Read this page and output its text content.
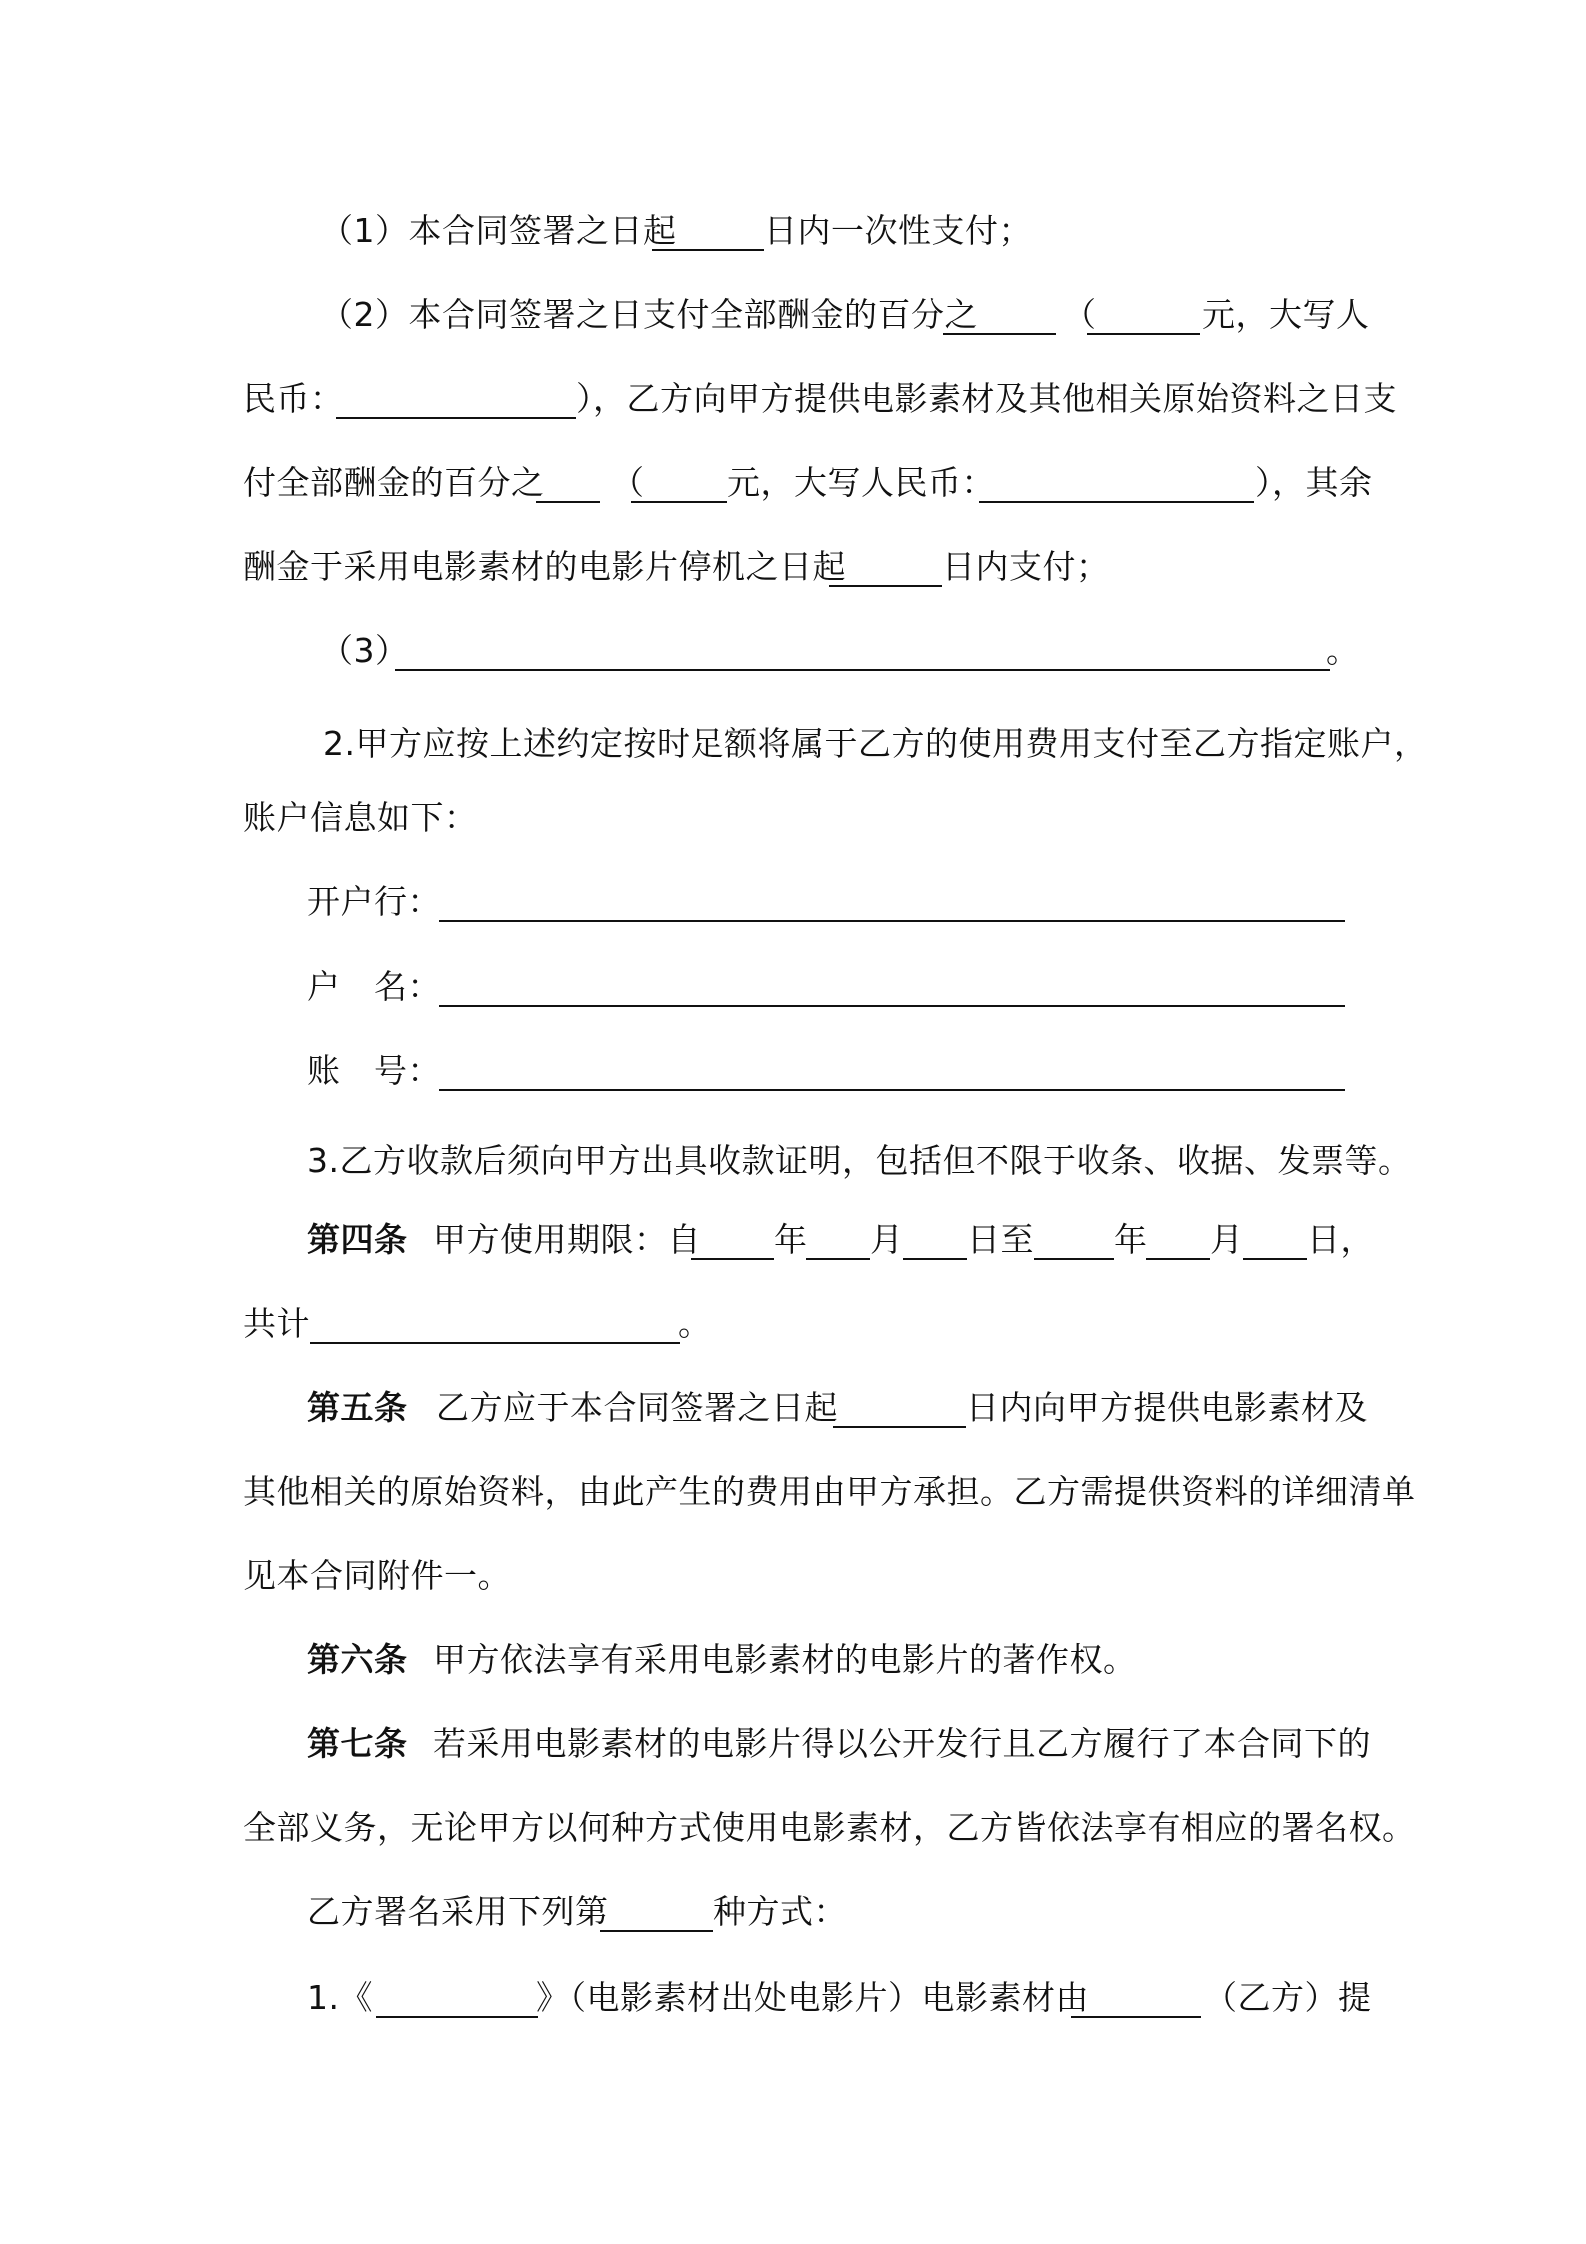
（1）本合同签署之日起	日内一次性支付；
（2）本合同签署之日支付全部酬金的百分之	（	元，大写人
民币：	），乙方向甲方提供电影素材及其他相关原始资料之日支
付全部酬金的百分之 （	元，大写人民币：	），其余
酬金于采用电影素材的电影片停机之日起	日内支付；
（3）	。
2.甲方应按上述约定按时足额将属于乙方的使用费用支付至乙方指定账户，
账户信息如下：
开户行：
户　名：
账　号：
3.乙方收款后须向甲方出具收款证明，包括但不限于收条、收据、发票等。
第四条 甲方使用期限：自 年 月 日至 年 月 日，
共计	。
第五条 乙方应于本合同签署之日起	日内向甲方提供电影素材及
其他相关的原始资料，由此产生的费用由甲方承担。乙方需提供资料的详细清单
见本合同附件一。
第六条 甲方依法享有采用电影素材的电影片的著作权。
第七条 若采用电影素材的电影片得以公开发行且乙方履行了本合同下的
全部义务，无论甲方以何种方式使用电影素材，乙方皆依法享有相应的署名权。
乙方署名采用下列第	种方式：
1.《	》（电影素材出处电影片）电影素材由	（乙方）提
